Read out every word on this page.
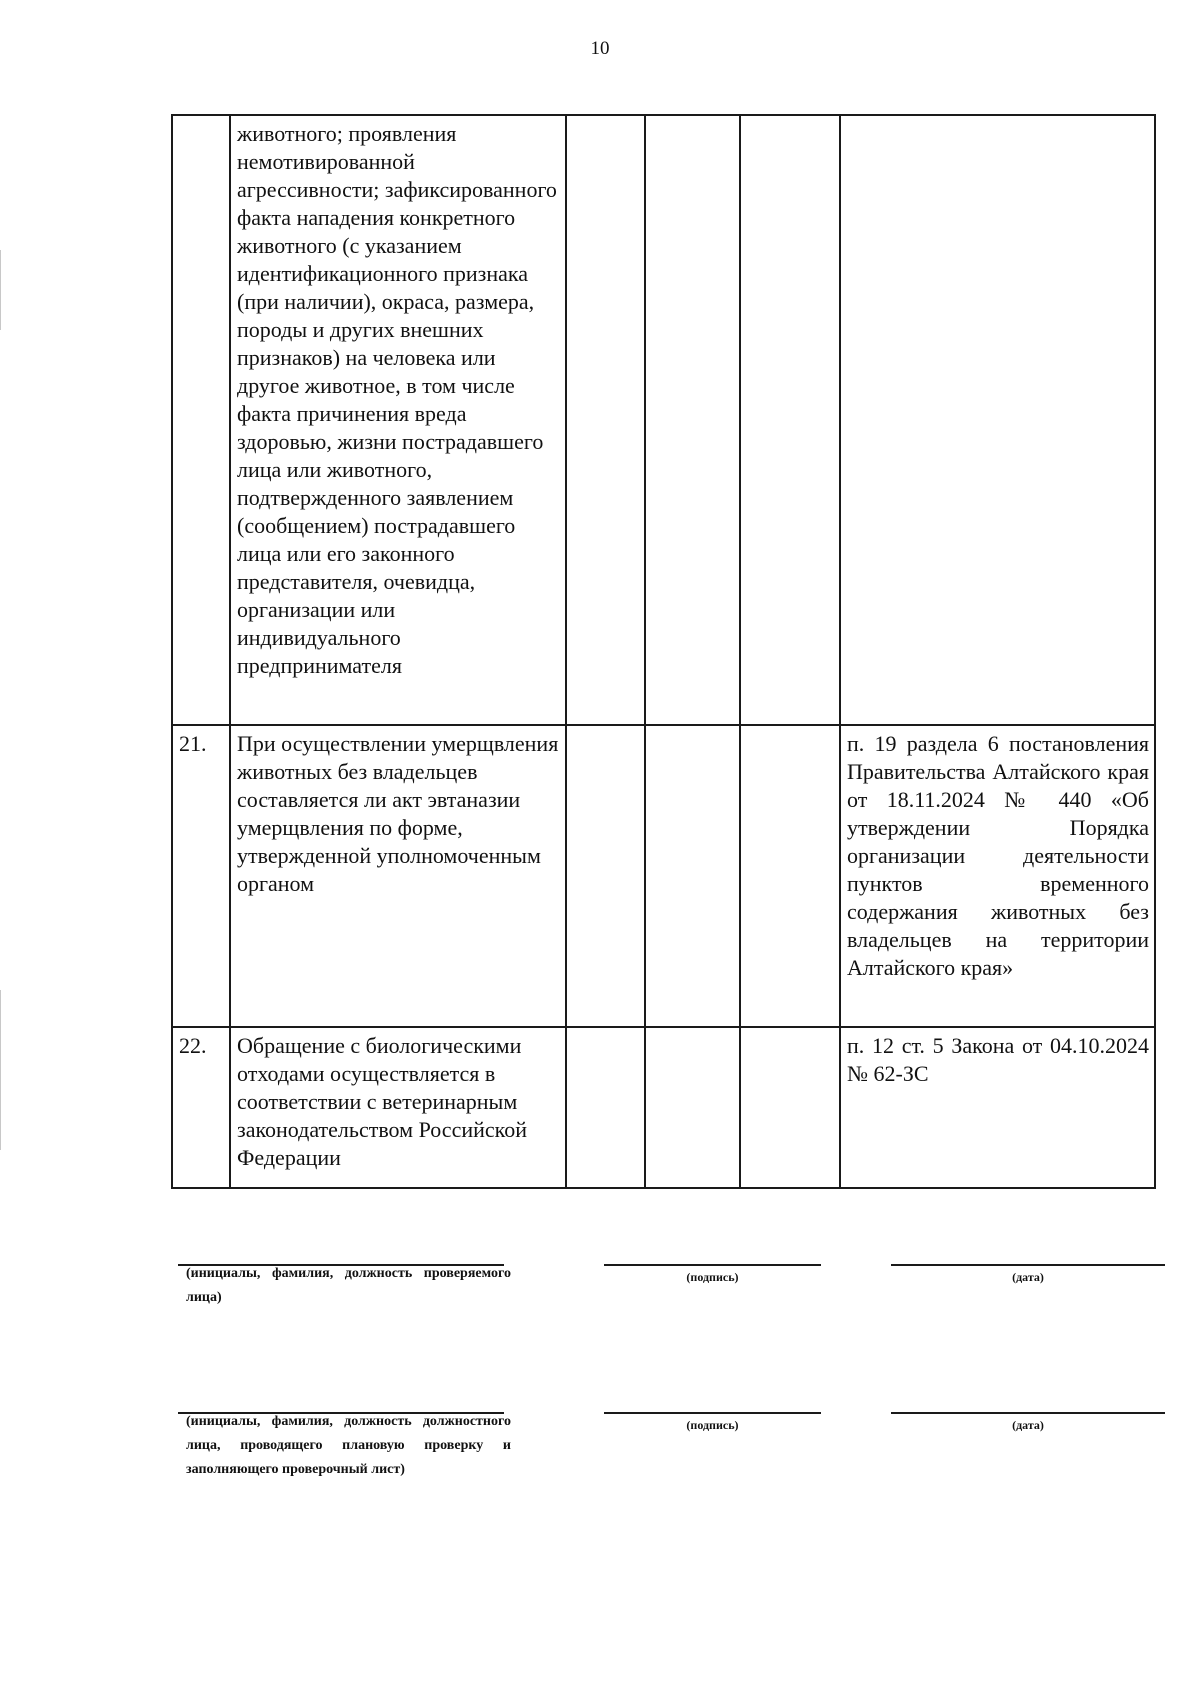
10
	животного; проявления немотивированной агрессивности; зафиксированного факта нападения конкретного животного (с указанием идентификационного признака (при наличии), окраса, размера, породы и других внешних признаков) на человека или другое животное, в том числе факта причинения вреда здоровью, жизни пострадавшего лица или животного, подтвержденного заявлением (сообщением) пострадавшего лица или его законного представителя, очевидца, организации или индивидуального предпринимателя				
21.	При осуществлении умерщвления животных без владельцев составляется ли акт эвтаназии умерщвления по форме, утвержденной уполномоченным органом				п. 19 раздела 6 постановления Правительства Алтайского края от 18.11.2024 № 440 «Об утверждении Порядка организации деятельности пунктов временного содержания животных без владельцев на территории Алтайского края»
22.	Обращение с биологическими отходами осуществляется в соответствии с ветеринарным законодательством Российской Федерации				п. 12 ст. 5 Закона от 04.10.2024 № 62-ЗС
(инициалы, фамилия, должность проверяемого лица)
(подпись)	(дата)
(инициалы, фамилия, должность должностного лица, проводящего плановую проверку и заполняющего проверочный лист)
(подпись)	(дата)
